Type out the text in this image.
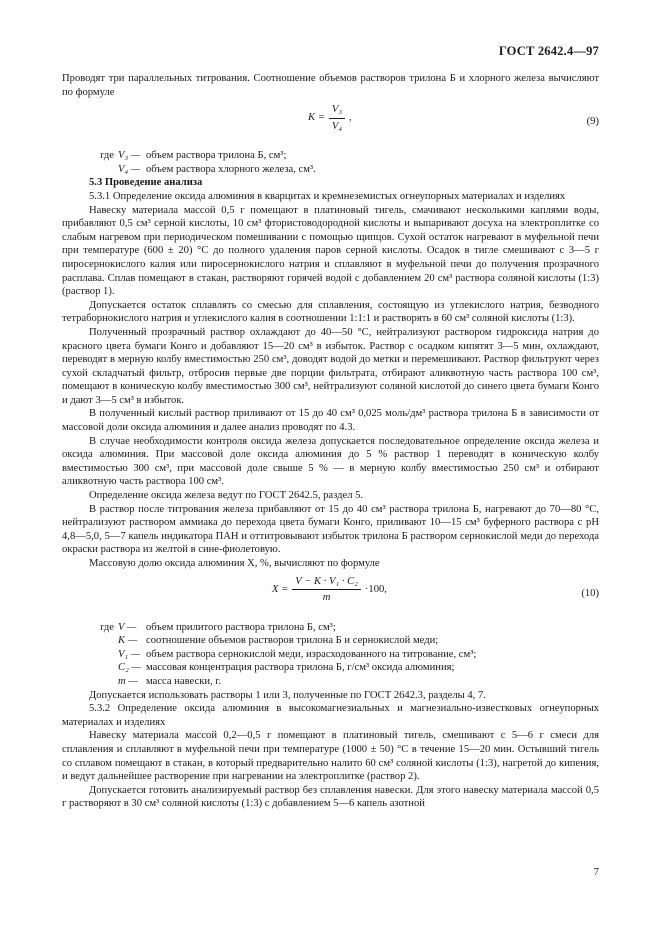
ГОСТ 2642.4—97

Проводят три параллельных титрования. Соотношение объемов растворов трилона Б и хлорного железа вычисляют по формуле

$K = \frac{\text{V₃}}{\text{V₄}}$ ,	(9)
где V₃ — объем раствора трилона Б, см³;
V₄ — объем раствора хлорного железа, см³.

5.3 Проведение анализа

5.3.1 Определение оксида алюминия в кварцитах и кремнеземистых огнеупорных материалах и изделиях

Навеску материала массой 0,5 г помещают в платиновый тигель, смачивают несколькими каплями воды, прибавляют 0,5 см³ серной кислоты, 10 см³ фтористоводородной кислоты и выпаривают досуха на электроплитке со слабым нагревом при периодическом помешивании с помощью щипцов. Сухой остаток нагревают в муфельной печи при температуре (600 ± 20) °С до полного удаления паров серной кислоты. Осадок в тигле смешивают с 3—5 г пиросернокислого калия или пиросернокислого натрия и сплавляют в муфельной печи до получения прозрачного расплава. Сплав помещают в стакан, растворяют горячей водой с добавлением 20 см³ раствора соляной кислоты (1:3) (раствор 1).

Допускается остаток сплавлять со смесью для сплавления, состоящую из углекислого натрия, безводного тетраборнокислого натрия и углекислого калия в соотношении 1:1:1 и растворять в 60 см³ соляной кислоты (1:3).

Полученный прозрачный раствор охлаждают до 40—50 °С, нейтрализуют раствором гидроксида натрия до красного цвета бумаги Конго и добавляют 15—20 см³ в избыток. Раствор с осадком кипятят 3—5 мин, охлаждают, переводят в мерную колбу вместимостью 250 см³, доводят водой до метки и перемешивают. Раствор фильтруют через сухой складчатый фильтр, отбросив первые две порции фильтрата, отбирают аликвотную часть раствора 100 см³, помещают в коническую колбу вместимостью 300 см³, нейтрализуют соляной кислотой до синего цвета бумаги Конго и дают 3—5 см³ в избыток.

В полученный кислый раствор приливают от 15 до 40 см³ 0,025 моль/дм³ раствора трилона Б в зависимости от массовой доли оксида алюминия и далее анализ проводят по 4.3.

В случае необходимости контроля оксида железа допускается последовательное определение оксида железа и оксида алюминия. При массовой доле оксида алюминия до 5 % раствор 1 переводят в коническую колбу вместимостью 300 см³, при массовой доле свыше 5 % — в мерную колбу вместимостью 250 см³ и отбирают аликвотную часть раствора 100 см³.

Определение оксида железа ведут по ГОСТ 2642.5, раздел 5.

В раствор после титрования железа прибавляют от 15 до 40 см³ раствора трилона Б, нагревают до 70—80 °С, нейтрализуют раствором аммиака до перехода цвета бумаги Конго, приливают 10—15 см³ буферного раствора с рН 4,8—5,0, 5—7 капель индикатора ПАН и оттитровывают избыток трилона Б раствором сернокислой меди до перехода окраски раствора из желтой в сине-фиолетовую.

Массовую долю оксида алюминия X, %, вычисляют по формуле

$X = \frac{\text{V − K · V₁ · C₂}}{m} \cdot 100$,	(10)
где V — объем прилитого раствора трилона Б, см³;
K — соотношение объемов растворов трилона Б и сернокислой меди;
V₁ — объем раствора сернокислой меди, израсходованного на титрование, см³;
C₂ — массовая концентрация раствора трилона Б, г/см³ оксида алюминия;
m — масса навески, г.

Допускается использовать растворы 1 или 3, полученные по ГОСТ 2642.3, разделы 4, 7.

5.3.2 Определение оксида алюминия в высокомагнезиальных и магнезиально-известковых огнеупорных материалах и изделиях

Навеску материала массой 0,2—0,5 г помещают в платиновый тигель, смешивают с 5—6 г смеси для сплавления и сплавляют в муфельной печи при температуре (1000 ± 50) °С в течение 15—20 мин. Остывший тигель со сплавом помещают в стакан, в который предварительно налито 60 см³ соляной кислоты (1:3), нагретой до кипения, и ведут дальнейшее растворение при нагревании на электроплитке (раствор 2).

Допускается готовить анализируемый раствор без сплавления навески. Для этого навеску материала массой 0,5 г растворяют в 30 см³ соляной кислоты (1:3) с добавлением 5—6 капель азотной

7
